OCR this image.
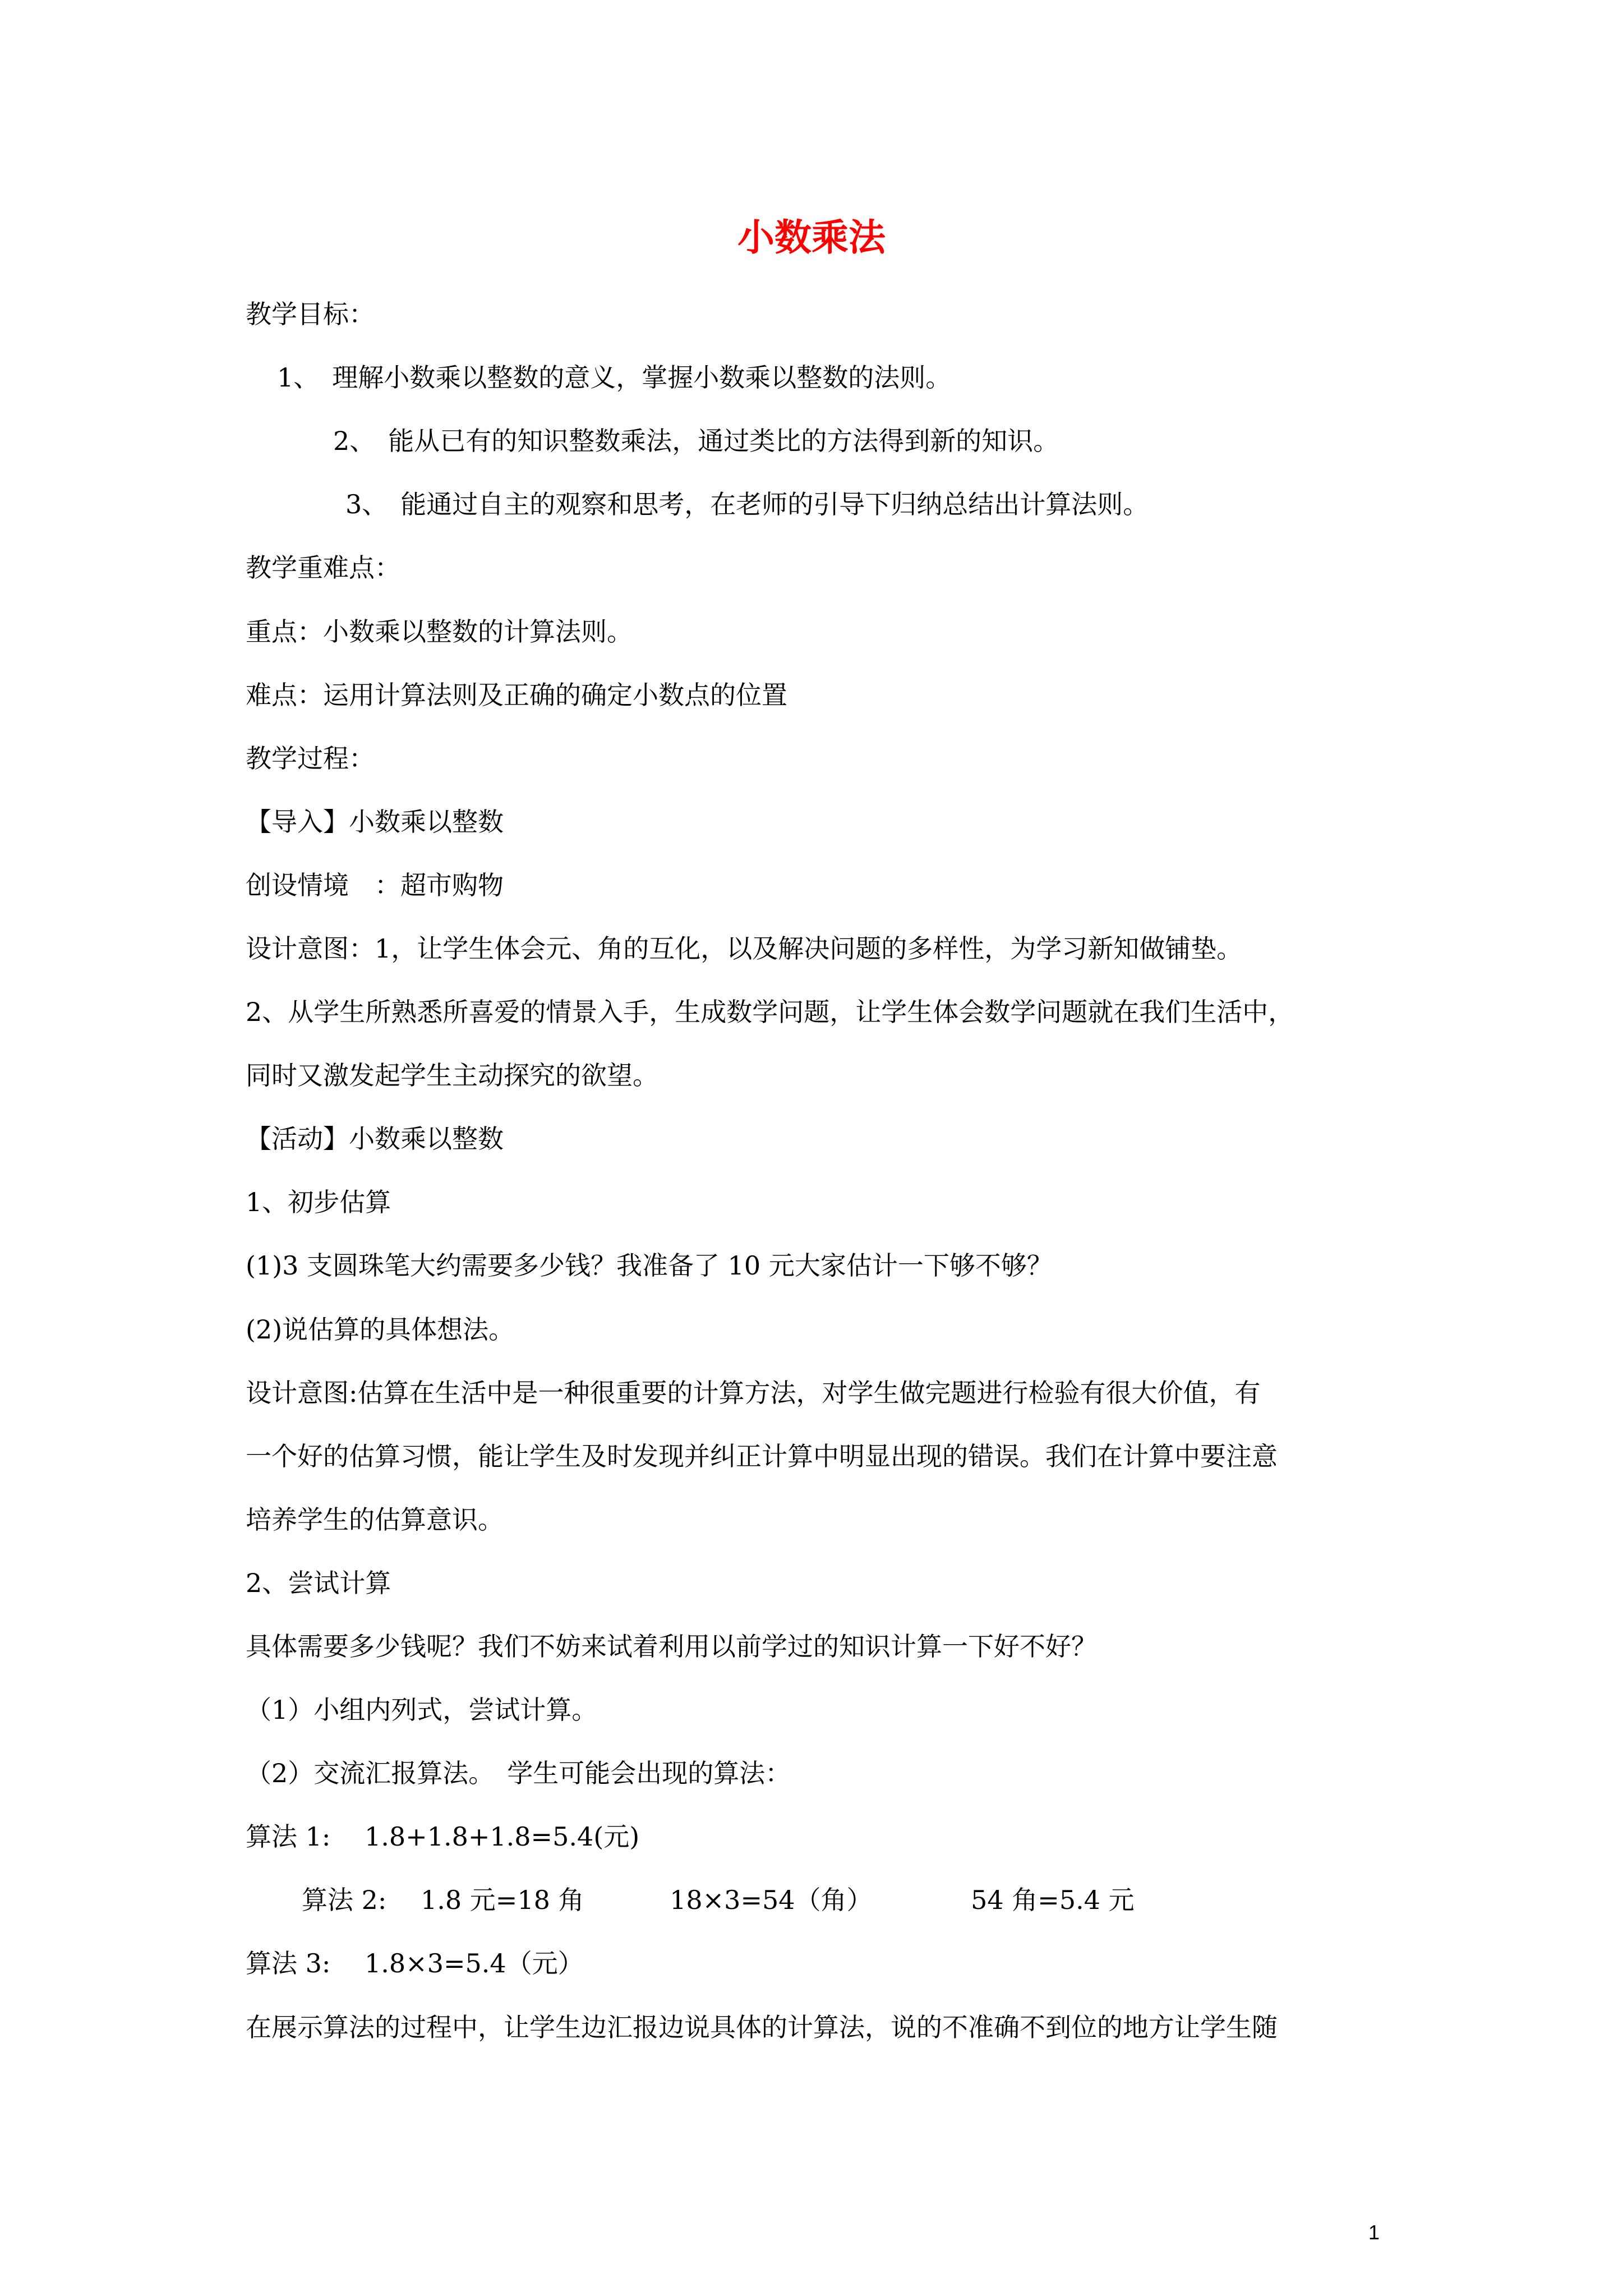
小数乘法
教学目标：
1、　理解小数乘以整数的意义，掌握小数乘以整数的法则。
2、　能从已有的知识整数乘法，通过类比的方法得到新的知识。
3、　能通过自主的观察和思考，在老师的引导下归纳总结出计算法则。
教学重难点：
重点：小数乘以整数的计算法则。
难点：运用计算法则及正确的确定小数点的位置
教学过程：
【导入】小数乘以整数
创设情境　：超市购物
设计意图：1，让学生体会元、角的互化，以及解决问题的多样性，为学习新知做铺垫。
2、从学生所熟悉所喜爱的情景入手，生成数学问题，让学生体会数学问题就在我们生活中，
同时又激发起学生主动探究的欲望。
【活动】小数乘以整数
1、初步估算
(1)3 支圆珠笔大约需要多少钱？我准备了 10 元大家估计一下够不够？
(2)说估算的具体想法。
设计意图:估算在生活中是一种很重要的计算方法，对学生做完题进行检验有很大价值，有
一个好的估算习惯，能让学生及时发现并纠正计算中明显出现的错误。我们在计算中要注意
培养学生的估算意识。
2、尝试计算
具体需要多少钱呢？我们不妨来试着利用以前学过的知识计算一下好不好？
（1）小组内列式，尝试计算。
（2）交流汇报算法。　学生可能会出现的算法：
算法 1:　 1.8+1.8+1.8=5.4(元)
算法 2:　 1.8 元=18 角　　　 18×3=54（角）　　　　 54 角=5.4 元
算法 3:　 1.8×3=5.4（元）
在展示算法的过程中，让学生边汇报边说具体的计算法，说的不准确不到位的地方让学生随
1
